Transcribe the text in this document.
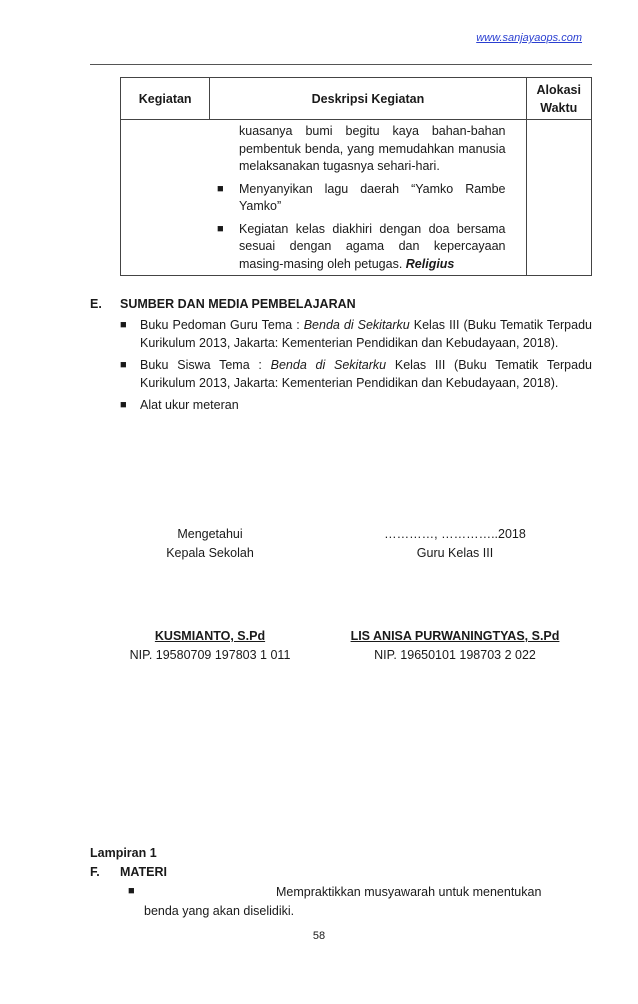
www.sanjayaops.com
Kegiatan	Deskripsi Kegiatan	Alokasi
Waktu

kuasanya bumi begitu kaya bahan-bahan pembentuk benda, yang memudahkan manusia melaksanakan tugasnya sehari-hari.

■ Menyanyikan lagu daerah “Yamko Rambe Yamko”
■ Kegiatan kelas diakhiri dengan doa bersama sesuai dengan agama dan kepercayaan masing-masing oleh petugas. Religius		

E. SUMBER DAN MEDIA PEMBELAJARAN
■ Buku Pedoman Guru Tema : Benda di Sekitarku Kelas III (Buku Tematik Terpadu Kurikulum 2013, Jakarta: Kementerian Pendidikan dan Kebudayaan, 2018).
■ Buku Siswa Tema : Benda di Sekitarku Kelas III (Buku Tematik Terpadu Kurikulum 2013, Jakarta: Kementerian Pendidikan dan Kebudayaan, 2018).
■ Alat ukur meteran
Mengetahui
Kepala Sekolah
…………, …………..2018
Guru Kelas III
KUSMIANTO, S.Pd
NIP. 19580709 197803 1 011
LIS ANISA PURWANINGTYAS, S.Pd
NIP. 19650101 198703 2 022
Lampiran 1
F. MATERI
■	Mempraktikkan musyawarah untuk menentukan
benda yang akan diselidiki.
58
